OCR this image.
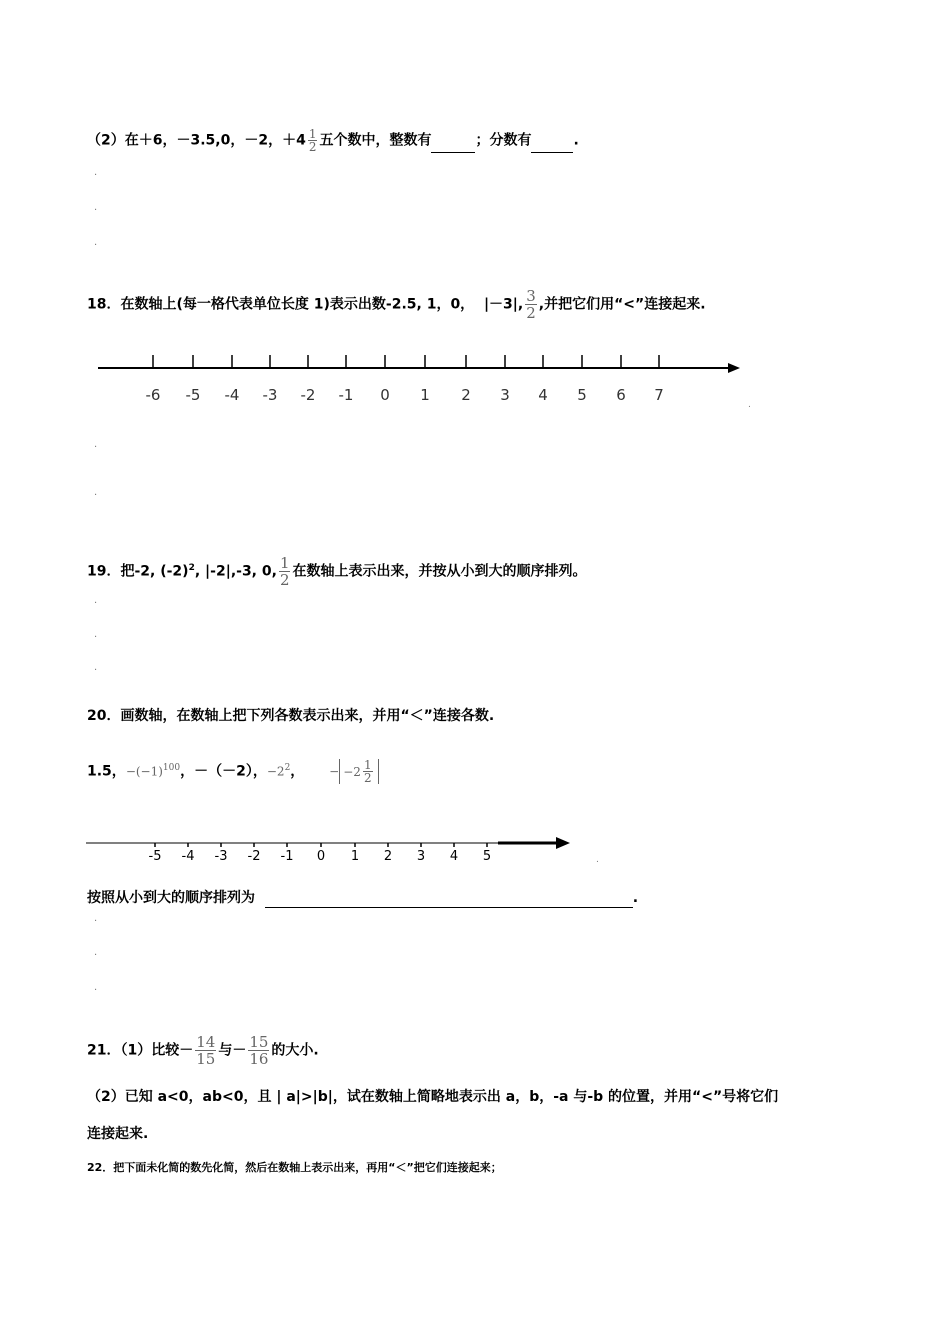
（2）在＋6，－3.5,0，－2，$+4 \frac{1}{2}$ 五个数中，整数有	；分数有	.
.
.
.
18．在数轴上(每一格代表单位长度 1)表示出数-2.5, 1，0， |－3|, $\frac{3}{2}$ ,并把它们用“<”连接起来.
-6 -5 -4 -3 -2 -1 0 1 2 3 4 5 6 7
.
.
.
19．把-2, $(-2)^2$, |-2|,-3, 0, $\frac{1}{2}$ 在数轴上表示出来，并按从小到大的顺序排列。
.
.
.
20．画数轴，在数轴上把下列各数表示出来，并用“＜”连接各数.
1.5，$-(-1)^{100}$，－（－2），$-2^2$， − $-2 \frac{1}{2}$
-5 -4 -3 -2 -1 0 1 2 3 4 5	.
按照从小到大的顺序排列为	.
.
.
.
21．（1）比较－ $\frac{14}{15}$ 与－ $\frac{15}{16}$ 的大小.
（2）已知 a<0，ab<0，且 | a|>|b|，试在数轴上简略地表示出 a，b，-a 与-b 的位置，并用“<”号将它们
连接起来.
22．把下面未化简的数先化简，然后在数轴上表示出来，再用“＜”把它们连接起来；
